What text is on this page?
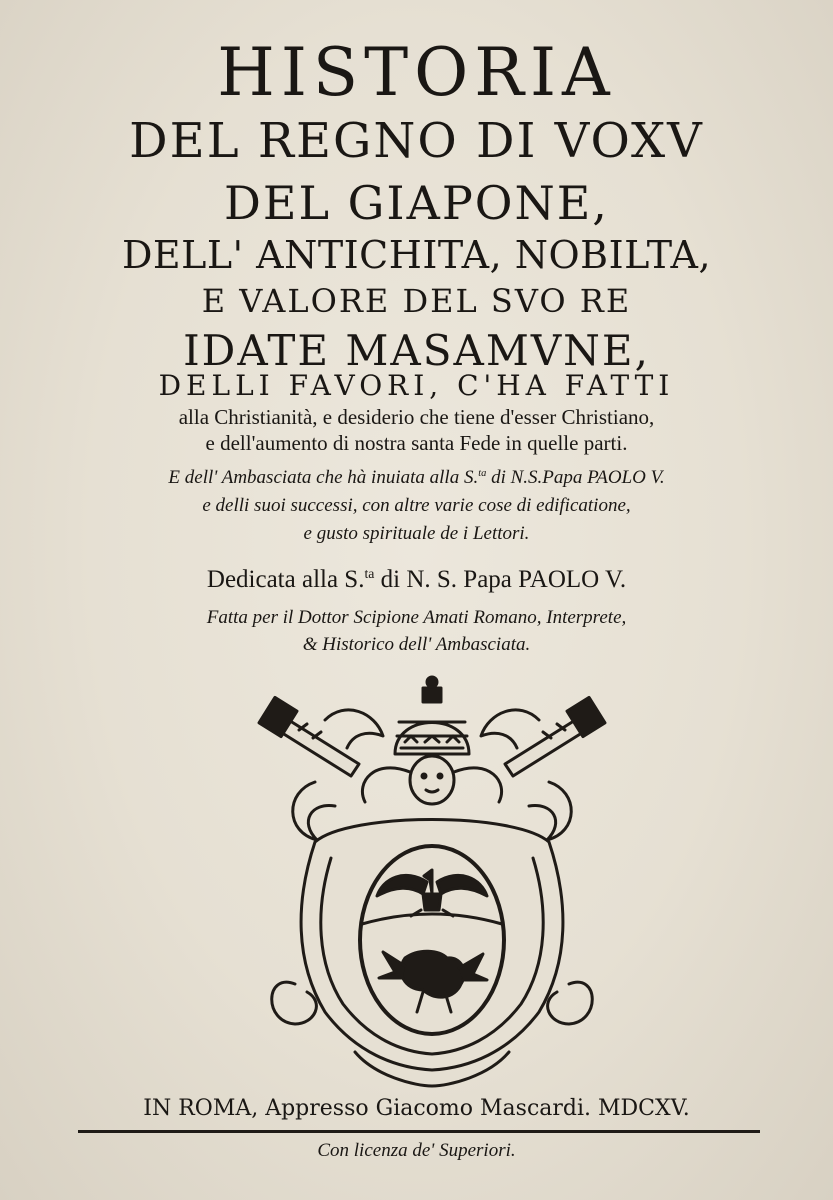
HISTORIA
DEL REGNO DI VOXV
DEL GIAPONE,
DELL' ANTICHITA, NOBILTA,
E VALORE DEL SVO RE
IDATE MASAMVNE,
DELLI FAVORI, C'HA FATTI
alla Christianità, e desiderio che tiene d'esser Christiano,
e dell'aumento di nostra santa Fede in quelle parti.
E dell' Ambasciata che hà inuiata alla S.$^{ta}$ di N.S.Papa PAOLO V.
e delli suoi successi, con altre varie cose di edificatione,
e gusto spirituale de i Lettori.
Dedicata alla S.$^{ta}$ di N. S. Papa PAOLO V.
Fatta per il Dottor Scipione Amati Romano, Interprete,
& Historico dell' Ambasciata.
IN ROMA, Appresso Giacomo Mascardi. MDCXV.
Con licenza de' Superiori.
